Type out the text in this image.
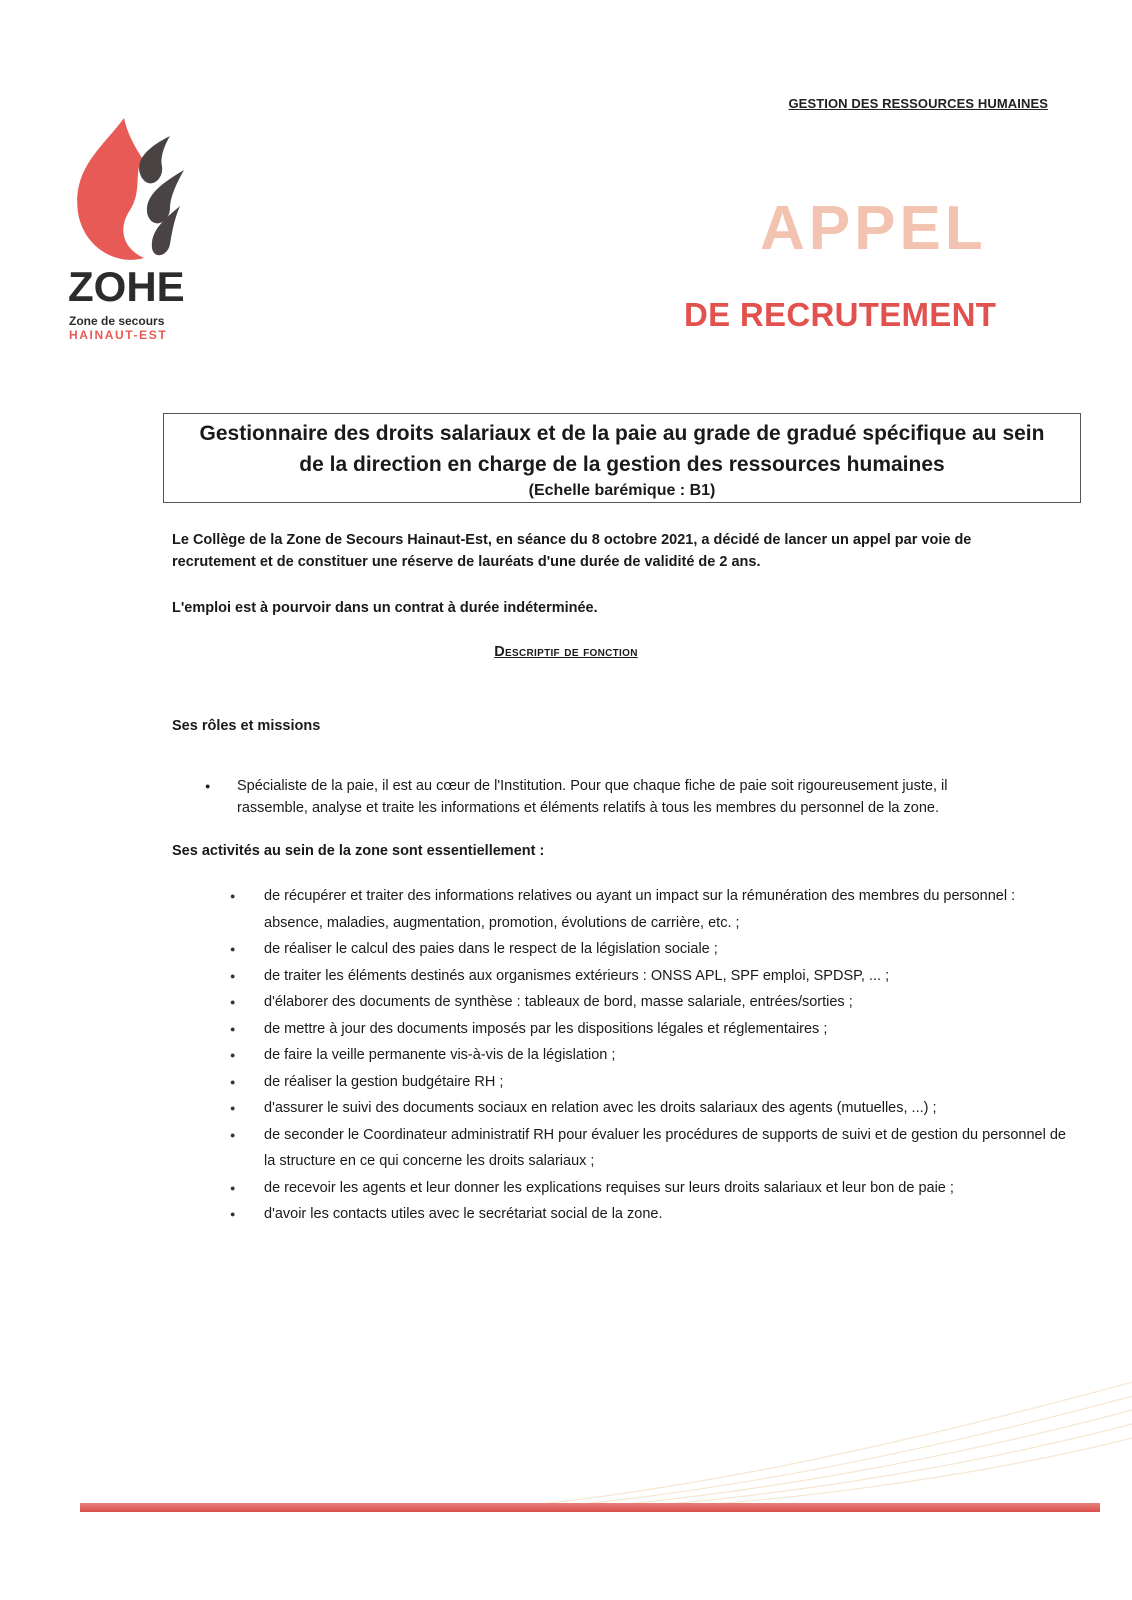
GESTION DES RESSOURCES HUMAINES
ZOHE
Zone de secours
HAINAUT-EST
APPEL
DE RECRUTEMENT
Gestionnaire des droits salariaux et de la paie au grade de gradué spécifique au sein
de la direction en charge de la gestion des ressources humaines
(Echelle barémique : B1)
Le Collège de la Zone de Secours Hainaut-Est, en séance du 8 octobre 2021, a décidé de lancer un appel par voie de
recrutement et de constituer une réserve de lauréats d'une durée de validité de 2 ans.
L'emploi est à pourvoir dans un contrat à durée indéterminée.
Descriptif de fonction
Ses rôles et missions
● Spécialiste de la paie, il est au cœur de l'Institution. Pour que chaque fiche de paie soit rigoureusement juste, il
rassemble, analyse et traite les informations et éléments relatifs à tous les membres du personnel de la zone.
Ses activités au sein de la zone sont essentiellement :
● de récupérer et traiter des informations relatives ou ayant un impact sur la rémunération des membres du personnel : absence, maladies, augmentation, promotion, évolutions de carrière, etc. ;
● de réaliser le calcul des paies dans le respect de la législation sociale ;
● de traiter les éléments destinés aux organismes extérieurs : ONSS APL, SPF emploi, SPDSP, ... ;
● d'élaborer des documents de synthèse : tableaux de bord, masse salariale, entrées/sorties ;
● de mettre à jour des documents imposés par les dispositions légales et réglementaires ;
● de faire la veille permanente vis-à-vis de la législation ;
● de réaliser la gestion budgétaire RH ;
● d'assurer le suivi des documents sociaux en relation avec les droits salariaux des agents (mutuelles, ...) ;
● de seconder le Coordinateur administratif RH pour évaluer les procédures de supports de suivi et de gestion du personnel de la structure en ce qui concerne les droits salariaux ;
● de recevoir les agents et leur donner les explications requises sur leurs droits salariaux et leur bon de paie ;
● d'avoir les contacts utiles avec le secrétariat social de la zone.
